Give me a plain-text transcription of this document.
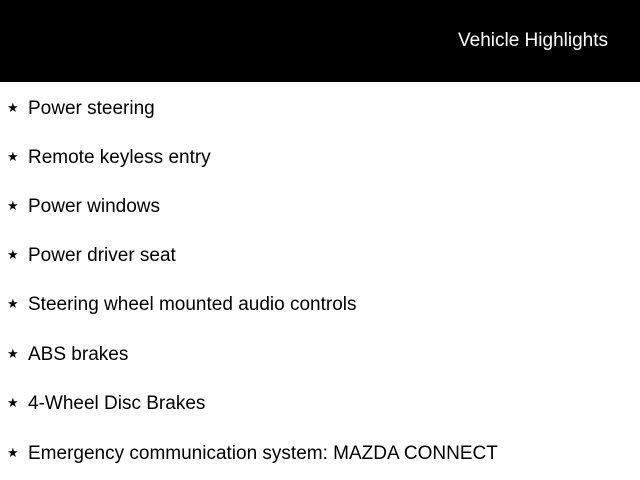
Vehicle Highlights
★ Power steering
★ Remote keyless entry
★ Power windows
★ Power driver seat
★ Steering wheel mounted audio controls
★ ABS brakes
★ 4-Wheel Disc Brakes
★ Emergency communication system: MAZDA CONNECT
